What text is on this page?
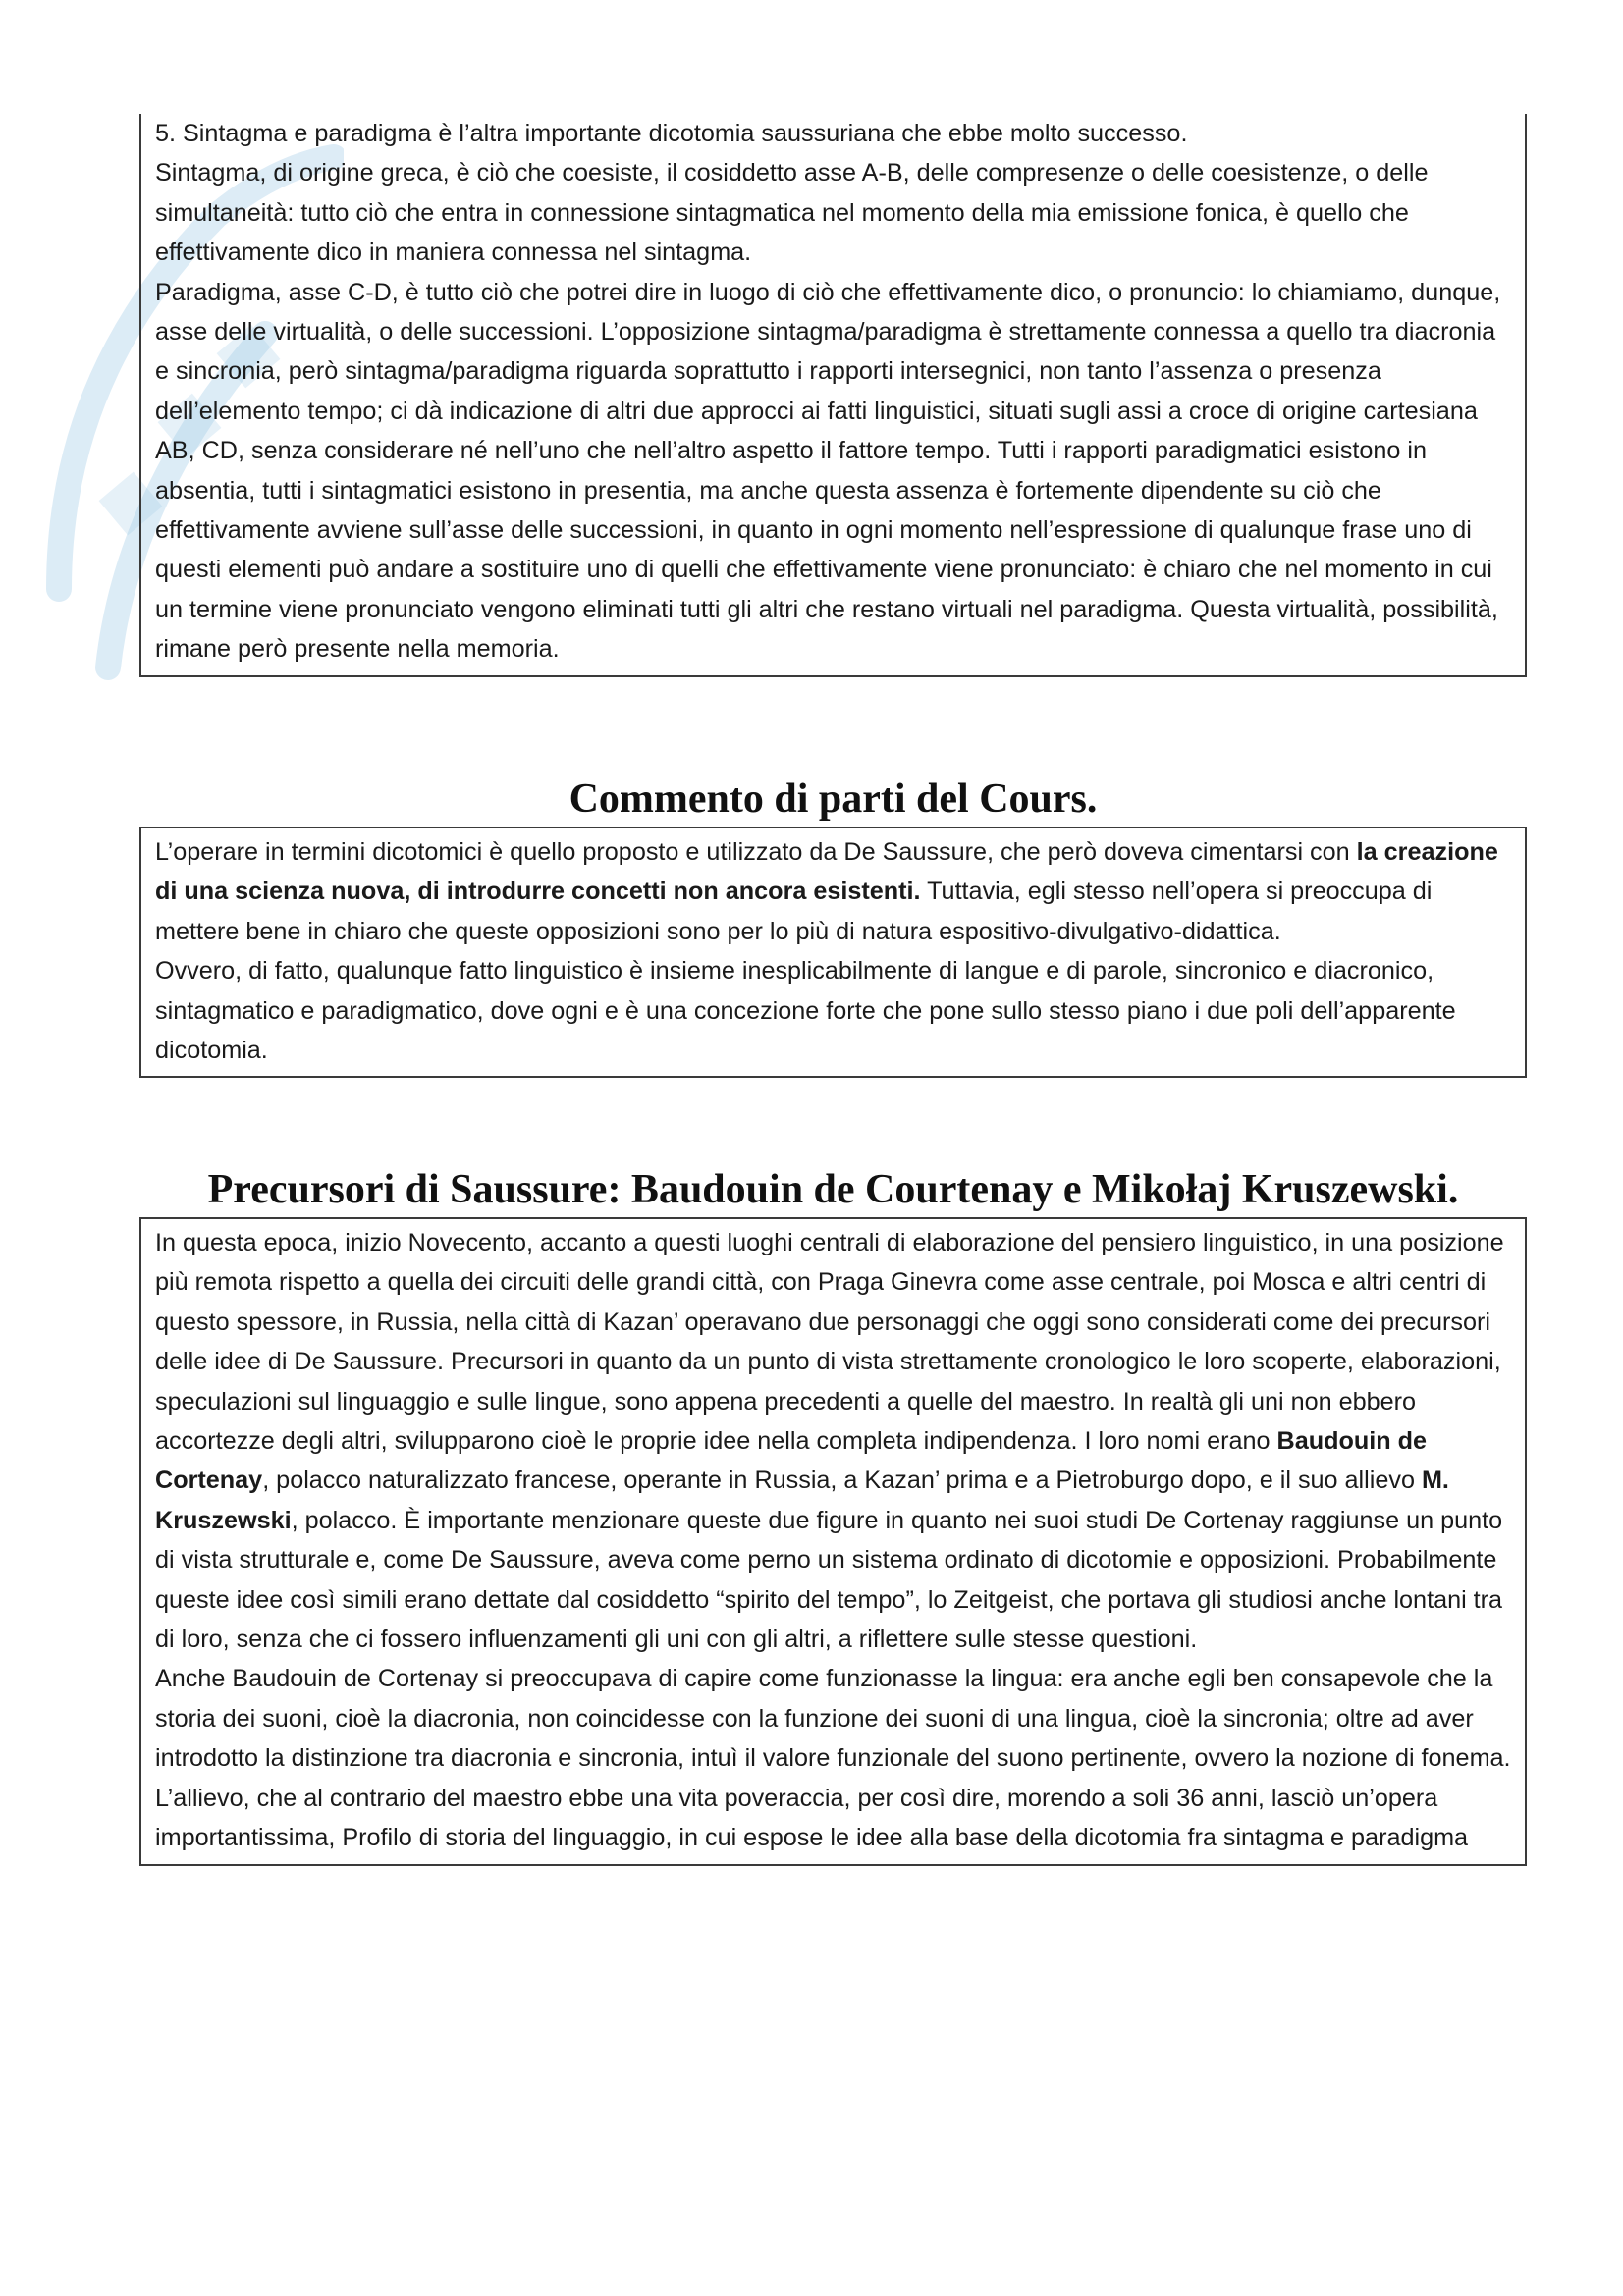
5. Sintagma e paradigma è l’altra importante dicotomia saussuriana che ebbe molto successo.

Sintagma, di origine greca, è ciò che coesiste, il cosiddetto asse A-B, delle compresenze o delle coesistenze, o delle simultaneità: tutto ciò che entra in connessione sintagmatica nel momento della mia emissione fonica, è quello che effettivamente dico in maniera connessa nel sintagma.

Paradigma, asse C-D, è tutto ciò che potrei dire in luogo di ciò che effettivamente dico, o pronuncio: lo chiamiamo, dunque, asse delle virtualità, o delle successioni. L’opposizione sintagma/paradigma è strettamente connessa a quello tra diacronia e sincronia, però sintagma/paradigma riguarda soprattutto i rapporti intersegnici, non tanto l’assenza o presenza dell’elemento tempo; ci dà indicazione di altri due approcci ai fatti linguistici, situati sugli assi a croce di origine cartesiana AB, CD, senza considerare né nell’uno che nell’altro aspetto il fattore tempo. Tutti i rapporti paradigmatici esistono in absentia, tutti i sintagmatici esistono in presentia, ma anche questa assenza è fortemente dipendente su ciò che effettivamente avviene sull’asse delle successioni, in quanto in ogni momento nell’espressione di qualunque frase uno di questi elementi può andare a sostituire uno di quelli che effettivamente viene pronunciato: è chiaro che nel momento in cui un termine viene pronunciato vengono eliminati tutti gli altri che restano virtuali nel paradigma. Questa virtualità, possibilità, rimane però presente nella memoria.

Commento di parti del Cours.

L’operare in termini dicotomici è quello proposto e utilizzato da De Saussure, che però doveva cimentarsi con la creazione di una scienza nuova, di introdurre concetti non ancora esistenti. Tuttavia, egli stesso nell’opera si preoccupa di mettere bene in chiaro che queste opposizioni sono per lo più di natura espositivo-divulgativo-didattica.

Ovvero, di fatto, qualunque fatto linguistico è insieme inesplicabilmente di langue e di parole, sincronico e diacronico, sintagmatico e paradigmatico, dove ogni e è una concezione forte che pone sullo stesso piano i due poli dell’apparente dicotomia.

Precursori di Saussure: Baudouin de Courtenay e Mikołaj Kruszewski.

In questa epoca, inizio Novecento, accanto a questi luoghi centrali di elaborazione del pensiero linguistico, in una posizione più remota rispetto a quella dei circuiti delle grandi città, con Praga Ginevra come asse centrale, poi Mosca e altri centri di questo spessore, in Russia, nella città di Kazan’ operavano due personaggi che oggi sono considerati come dei precursori delle idee di De Saussure. Precursori in quanto da un punto di vista strettamente cronologico le loro scoperte, elaborazioni, speculazioni sul linguaggio e sulle lingue, sono appena precedenti a quelle del maestro. In realtà gli uni non ebbero accortezze degli altri, svilupparono cioè le proprie idee nella completa indipendenza. I loro nomi erano Baudouin de Cortenay, polacco naturalizzato francese, operante in Russia, a Kazan’ prima e a Pietroburgo dopo, e il suo allievo M. Kruszewski, polacco. È importante menzionare queste due figure in quanto nei suoi studi De Cortenay raggiunse un punto di vista strutturale e, come De Saussure, aveva come perno un sistema ordinato di dicotomie e opposizioni. Probabilmente queste idee così simili erano dettate dal cosiddetto “spirito del tempo”, lo Zeitgeist, che portava gli studiosi anche lontani tra di loro, senza che ci fossero influenzamenti gli uni con gli altri, a riflettere sulle stesse questioni.

Anche Baudouin de Cortenay si preoccupava di capire come funzionasse la lingua: era anche egli ben consapevole che la storia dei suoni, cioè la diacronia, non coincidesse con la funzione dei suoni di una lingua, cioè la sincronia; oltre ad aver introdotto la distinzione tra diacronia e sincronia, intuì il valore funzionale del suono pertinente, ovvero la nozione di fonema.

L’allievo, che al contrario del maestro ebbe una vita poveraccia, per così dire, morendo a soli 36 anni, lasciò un’opera importantissima, Profilo di storia del linguaggio, in cui espose le idee alla base della dicotomia fra sintagma e paradigma
